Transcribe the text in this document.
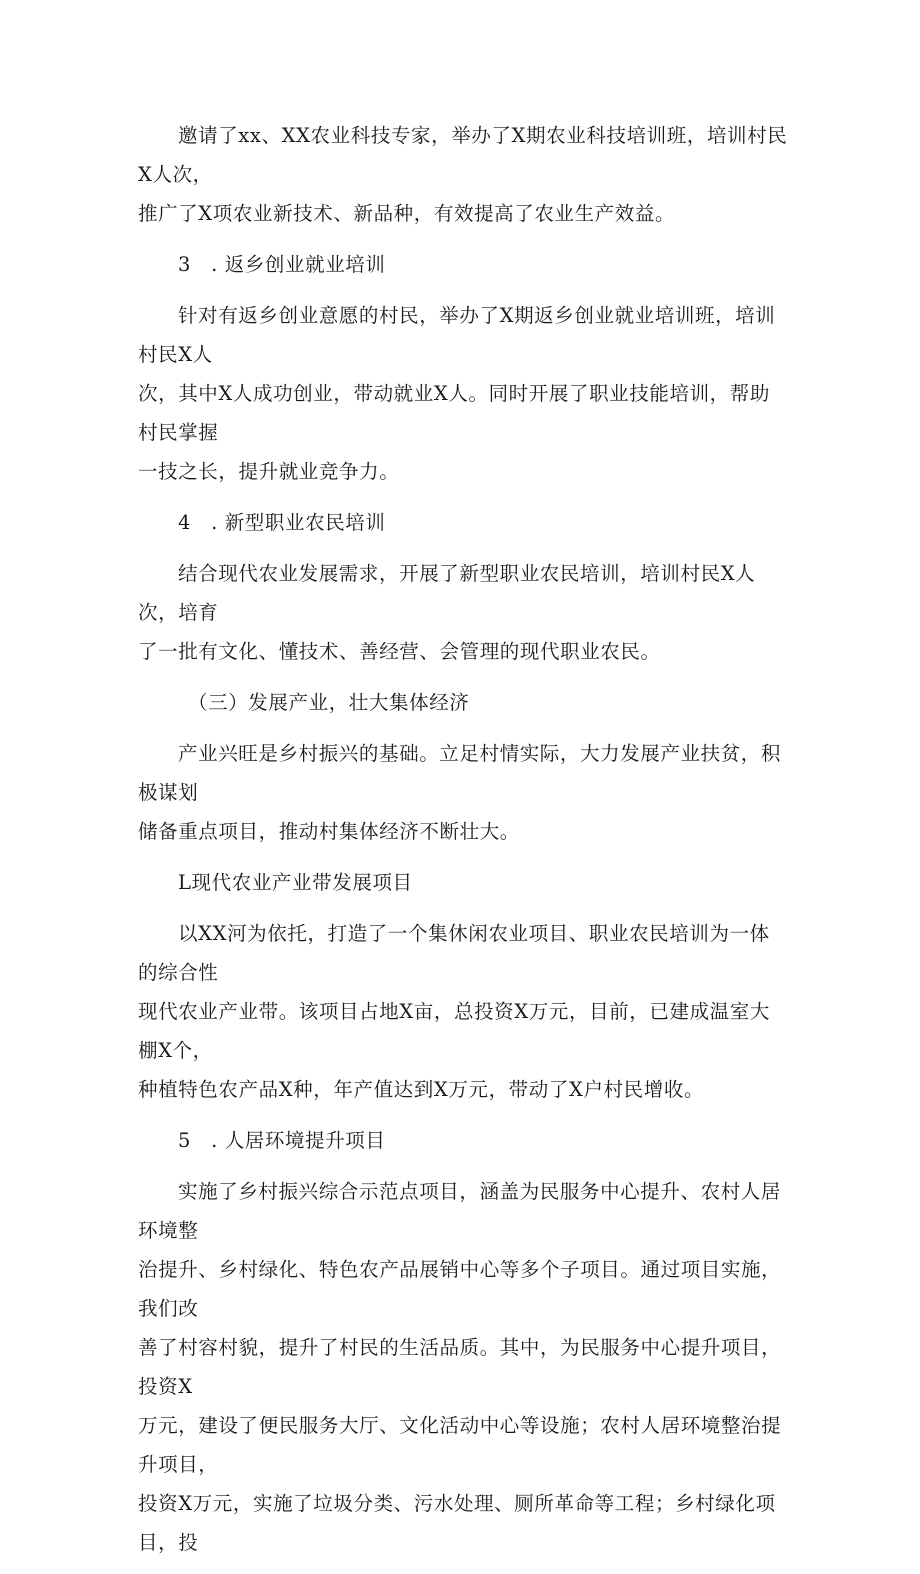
邀请了xx、XX农业科技专家，举办了X期农业科技培训班，培训村民X人次，
推广了X项农业新技术、新品种，有效提高了农业生产效益。

3　. 返乡创业就业培训

针对有返乡创业意愿的村民，举办了X期返乡创业就业培训班，培训村民X人
次，其中X人成功创业，带动就业X人。同时开展了职业技能培训，帮助村民掌握
一技之长，提升就业竞争力。

4　. 新型职业农民培训

结合现代农业发展需求，开展了新型职业农民培训，培训村民X人次，培育
了一批有文化、懂技术、善经营、会管理的现代职业农民。

（三）发展产业，壮大集体经济

产业兴旺是乡村振兴的基础。立足村情实际，大力发展产业扶贫，积极谋划
储备重点项目，推动村集体经济不断壮大。

L现代农业产业带发展项目

以XX河为依托，打造了一个集休闲农业项目、职业农民培训为一体的综合性
现代农业产业带。该项目占地X亩，总投资X万元，目前，已建成温室大棚X个，
种植特色农产品X种，年产值达到X万元，带动了X户村民增收。

5　. 人居环境提升项目

实施了乡村振兴综合示范点项目，涵盖为民服务中心提升、农村人居环境整
治提升、乡村绿化、特色农产品展销中心等多个子项目。通过项目实施，我们改
善了村容村貌，提升了村民的生活品质。其中，为民服务中心提升项目，投资X
万元，建设了便民服务大厅、文化活动中心等设施；农村人居环境整治提升项目，
投资X万元，实施了垃圾分类、污水处理、厕所革命等工程；乡村绿化项目，投
